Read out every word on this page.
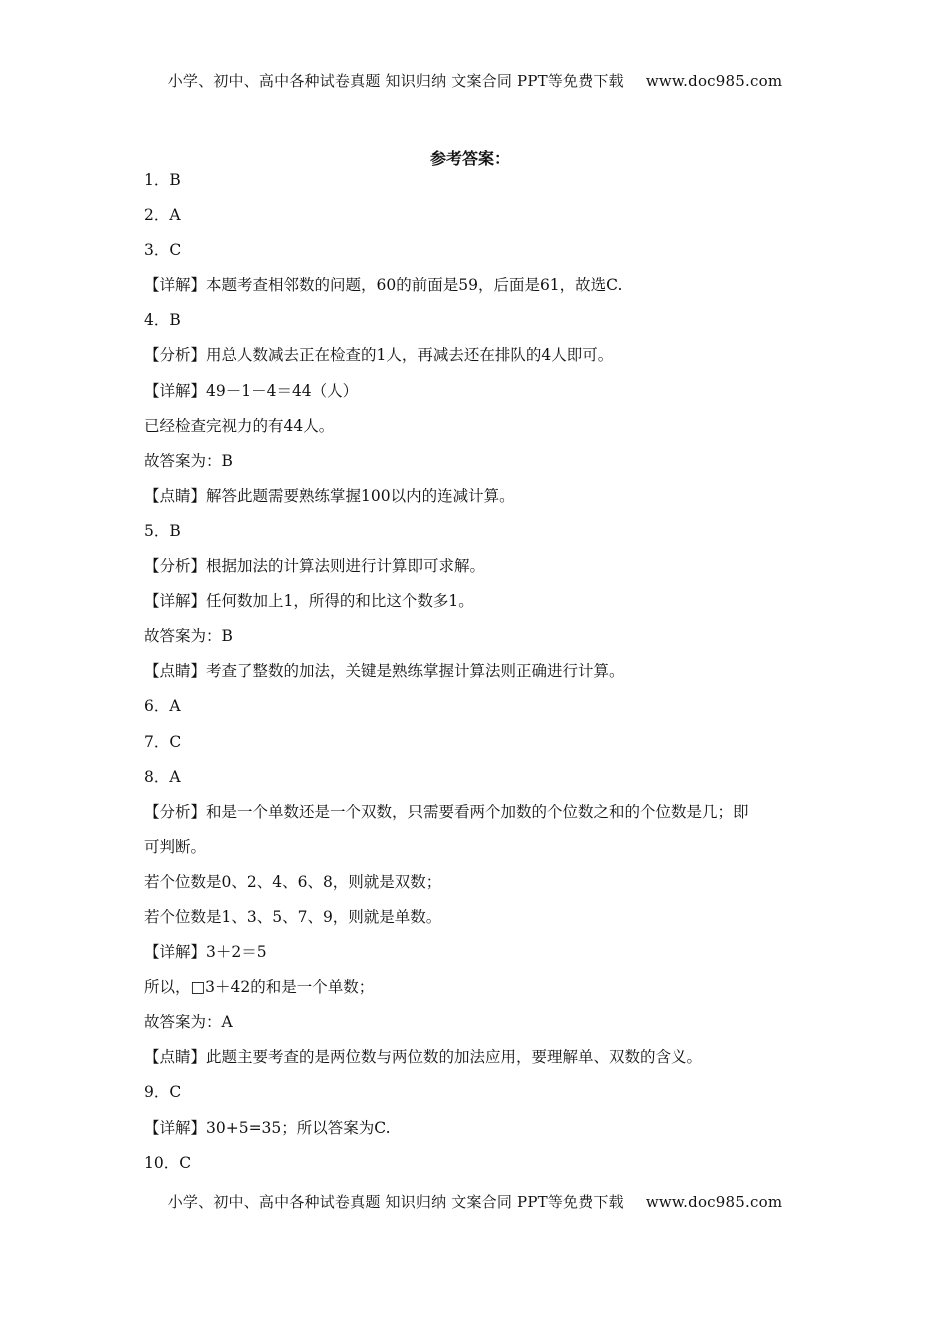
小学、初中、高中各种试卷真题 知识归纳 文案合同 PPT等免费下载 www.doc985.com
参考答案：
1．B
2．A
3．C
【详解】本题考查相邻数的问题，60的前面是59，后面是61，故选C.
4．B
【分析】用总人数减去正在检查的1人，再减去还在排队的4人即可。
【详解】49－1－4＝44（人）
已经检查完视力的有44人。
故答案为：B
【点睛】解答此题需要熟练掌握100以内的连减计算。
5．B
【分析】根据加法的计算法则进行计算即可求解。
【详解】任何数加上1，所得的和比这个数多1。
故答案为：B
【点睛】考查了整数的加法，关键是熟练掌握计算法则正确进行计算。
6．A
7．C
8．A
【分析】和是一个单数还是一个双数，只需要看两个加数的个位数之和的个位数是几；即
可判断。
若个位数是0、2、4、6、8，则就是双数；
若个位数是1、3、5、7、9，则就是单数。
【详解】3＋2＝5
所以，□3＋42的和是一个单数；
故答案为：A
【点睛】此题主要考查的是两位数与两位数的加法应用，要理解单、双数的含义。
9．C
【详解】30+5=35；所以答案为C.
10．C
小学、初中、高中各种试卷真题 知识归纳 文案合同 PPT等免费下载 www.doc985.com
